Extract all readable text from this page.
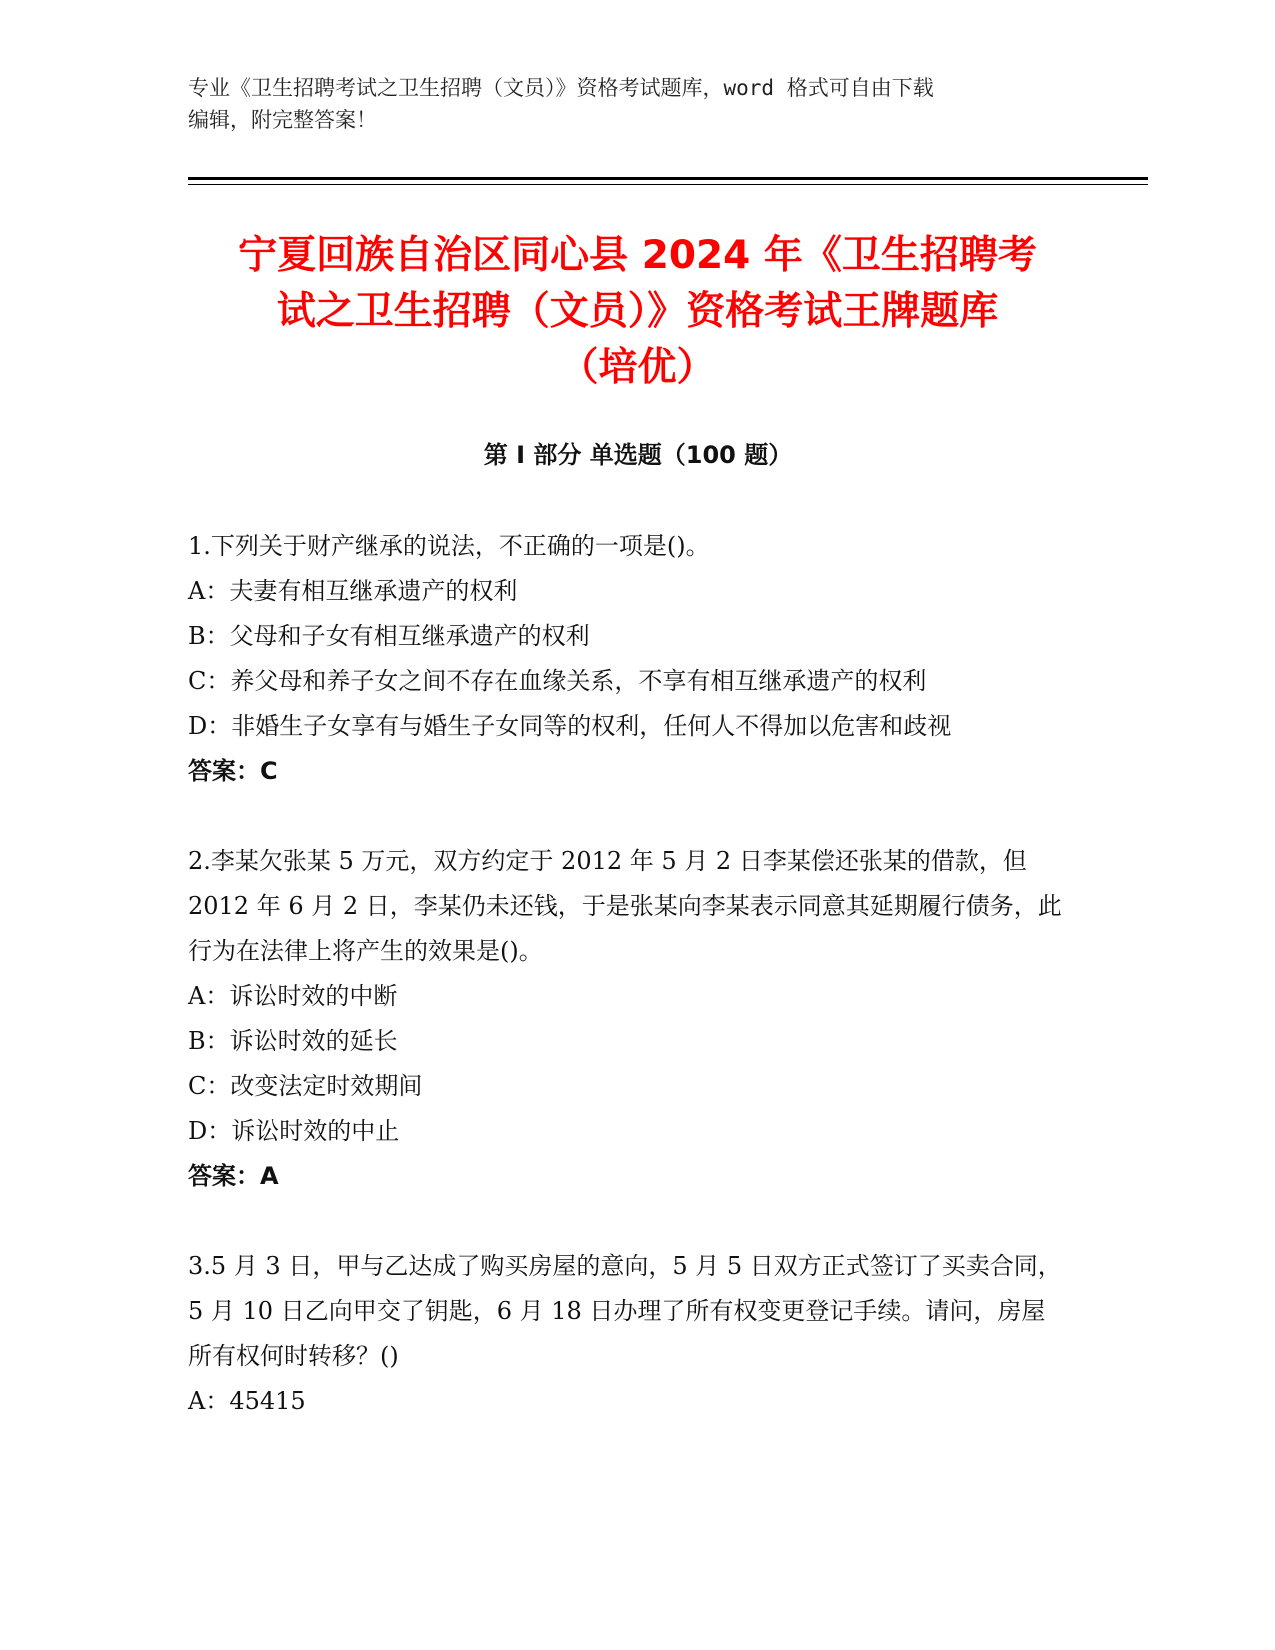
专业《卫生招聘考试之卫生招聘（文员）》资格考试题库，word 格式可自由下载
编辑，附完整答案！
宁夏回族自治区同心县 2024 年《卫生招聘考
试之卫生招聘（文员）》资格考试王牌题库
（培优）
第 I 部分 单选题（100 题）

1.下列关于财产继承的说法，不正确的一项是()。

A：夫妻有相互继承遗产的权利

B：父母和子女有相互继承遗产的权利

C：养父母和养子女之间不存在血缘关系，不享有相互继承遗产的权利

D：非婚生子女享有与婚生子女同等的权利，任何人不得加以危害和歧视

答案：C

2.李某欠张某 5 万元，双方约定于 2012 年 5 月 2 日李某偿还张某的借款，但 2012 年 6 月 2 日，李某仍未还钱，于是张某向李某表示同意其延期履行债务，此行为在法律上将产生的效果是()。

A：诉讼时效的中断

B：诉讼时效的延长

C：改变法定时效期间

D：诉讼时效的中止

答案：A

3.5 月 3 日，甲与乙达成了购买房屋的意向，5 月 5 日双方正式签订了买卖合同，5 月 10 日乙向甲交了钥匙，6 月 18 日办理了所有权变更登记手续。请问，房屋所有权何时转移？()

A：45415
